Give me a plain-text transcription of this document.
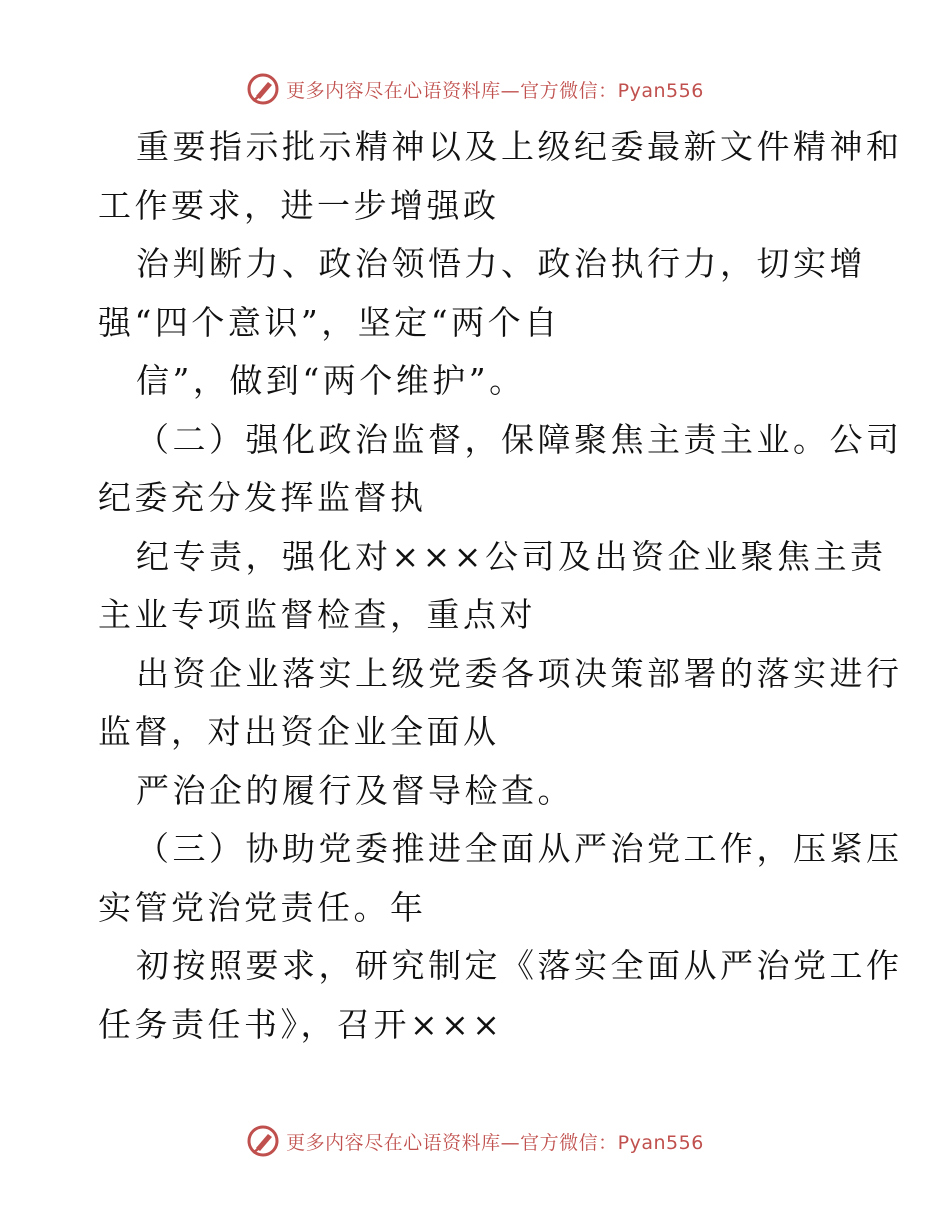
更多内容尽在心语资料库—官方微信：Pyan556
重要指示批示精神以及上级纪委最新文件精神和
工作要求，进一步增强政
治判断力、政治领悟力、政治执行力，切实增
强“四个意识”，坚定“两个自
信”，做到“两个维护”。
（二）强化政治监督，保障聚焦主责主业。公司
纪委充分发挥监督执
纪专责，强化对×××公司及出资企业聚焦主责
主业专项监督检查，重点对
出资企业落实上级党委各项决策部署的落实进行
监督，对出资企业全面从
严治企的履行及督导检查。
（三）协助党委推进全面从严治党工作，压紧压
实管党治党责任。年
初按照要求，研究制定《落实全面从严治党工作
任务责任书》，召开×××
更多内容尽在心语资料库—官方微信：Pyan556
